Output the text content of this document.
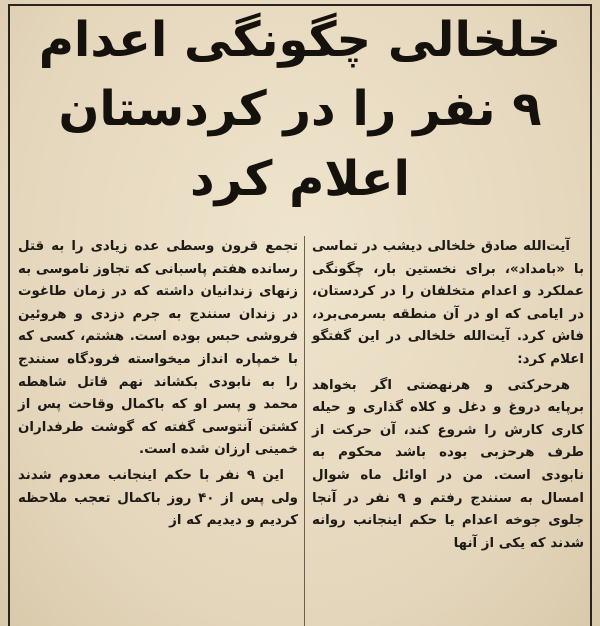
خلخالی چگونگی اعدام
۹ نفر را در کردستان
اعلام کرد

آیت‌الله صادق خلخالی دیشب در تماسی با «بامداد»، برای نخستین بار، چگونگی عملکرد و اعدام متخلفان را در کردستان، در ایامی که او در آن منطقه بسرمی‌برد، فاش کرد. آیت‌الله خلخالی در این گفتگو اعلام کرد:

هرحرکتی و هرنهضتی اگر بخواهد برپایه دروغ و دغل و کلاه گذاری و حیله کاری کارش را شروع کند، آن حرکت از طرف هرحزبی بوده باشد محکوم به نابودی است. من در اوائل ماه شوال امسال به سنندج رفتم و ۹ نفر در آنجا جلوی جوخه اعدام یا حکم اینجانب روانه شدند که یکی از آنها

تجمع قرون وسطی عده زیادی را به قتل رسانده هفتم پاسبانی که تجاوز ناموسی به زنهای زندانیان داشته که در زمان طاغوت در زندان سنندج به جرم دزدی و هروئین فروشی حبس بوده است. هشتم، کسی که با خمپاره انداز میخواسته فرودگاه سنندج را به نابودی بکشاند نهم قاتل شاهطه محمد و پسر او که باکمال وقاحت پس از کشتن آنتوسی گفته که گوشت طرفداران خمینی ارزان شده است.

این ۹ نفر با حکم اینجانب معدوم شدند ولی پس از ۴۰ روز باکمال تعجب ملاحظه کردیم و دیدیم که از
